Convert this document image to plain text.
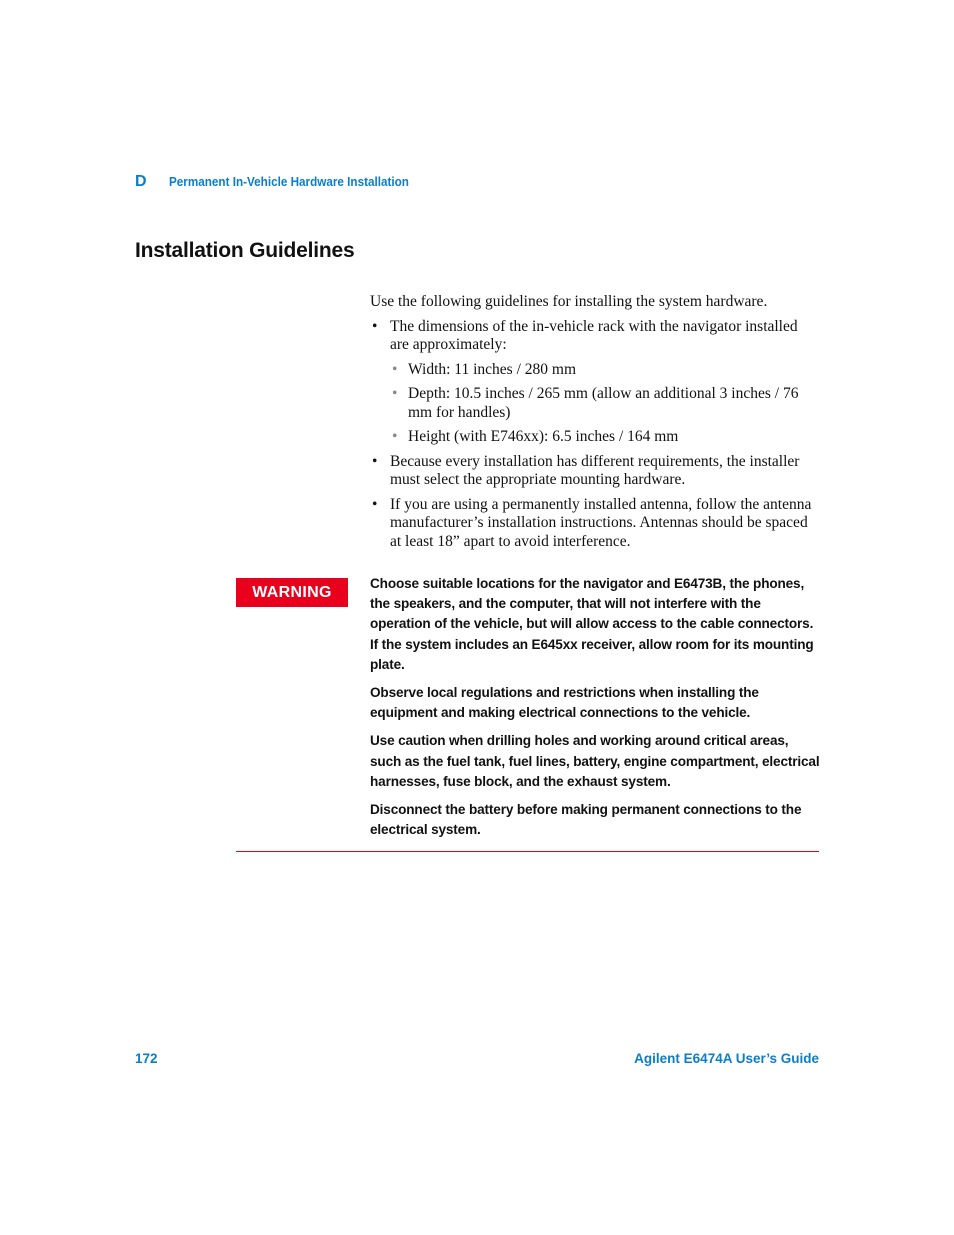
D Permanent In-Vehicle Hardware Installation
Installation Guidelines

Use the following guidelines for installing the system hardware.

• The dimensions of the in-vehicle rack with the navigator installed are approximately:
• Width: 11 inches / 280 mm
• Depth: 10.5 inches / 265 mm (allow an additional 3 inches / 76 mm for handles)
• Height (with E746xx): 6.5 inches / 164 mm
• Because every installation has different requirements, the installer must select the appropriate mounting hardware.
• If you are using a permanently installed antenna, follow the antenna manufacturer’s installation instructions. Antennas should be spaced at least 18” apart to avoid interference.
WARNING	Choose suitable locations for the navigator and E6473B, the phones, the speakers, and the computer, that will not interfere with the operation of the vehicle, but will allow access to the cable connectors. If the system includes an E645xx receiver, allow room for its mounting plate.

Observe local regulations and restrictions when installing the equipment and making electrical connections to the vehicle.

Use caution when drilling holes and working around critical areas, such as the fuel tank, fuel lines, battery, engine compartment, electrical harnesses, fuse block, and the exhaust system.

Disconnect the battery before making permanent connections to the electrical system.

172	Agilent E6474A User’s Guide
